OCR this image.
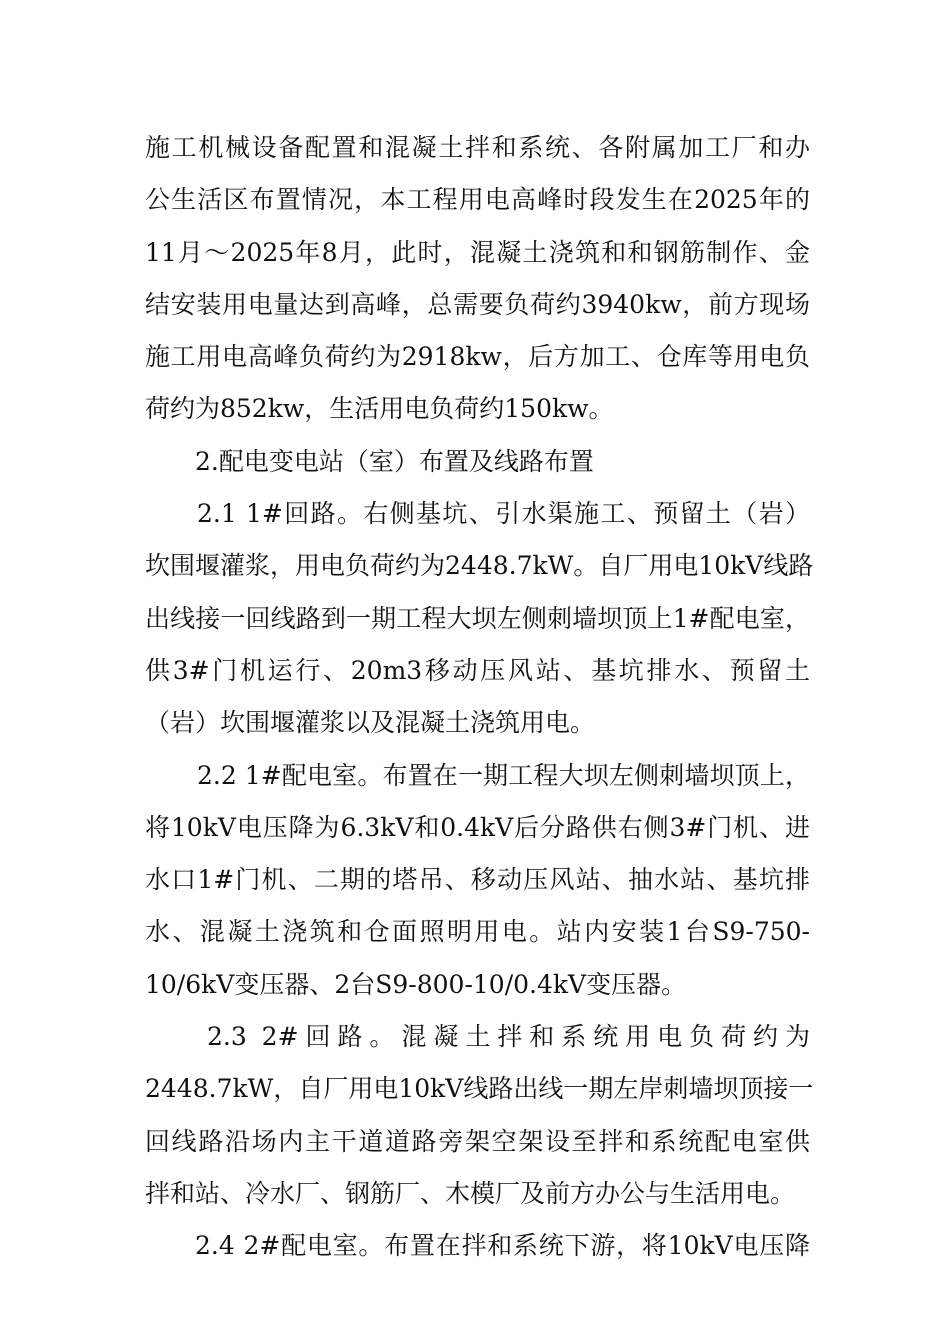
施工机械设备配置和混凝土拌和系统、各附属加工厂和办
公生活区布置情况，本工程用电高峰时段发生在2025年的
11月～2025年8月，此时，混凝土浇筑和和钢筋制作、金
结安装用电量达到高峰，总需要负荷约3940kw，前方现场
施工用电高峰负荷约为2918kw，后方加工、仓库等用电负
荷约为852kw，生活用电负荷约150kw。
2.配电变电站（室）布置及线路布置
2.1 1#回路。右侧基坑、引水渠施工、预留土（岩）
坎围堰灌浆，用电负荷约为2448.7kW。自厂用电10kV线路
出线接一回线路到一期工程大坝左侧刺墙坝顶上1#配电室，
供3#门机运行、20m3移动压风站、基坑排水、预留土
（岩）坎围堰灌浆以及混凝土浇筑用电。
2.2 1#配电室。布置在一期工程大坝左侧刺墙坝顶上，
将10kV电压降为6.3kV和0.4kV后分路供右侧3#门机、进
水口1#门机、二期的塔吊、移动压风站、抽水站、基坑排
水、混凝土浇筑和仓面照明用电。站内安装1台S9-750-
10/6kV变压器、2台S9-800-10/0.4kV变压器。
2.3 2#回路。混凝土拌和系统用电负荷约为
2448.7kW，自厂用电10kV线路出线一期左岸刺墙坝顶接一
回线路沿场内主干道道路旁架空架设至拌和系统配电室供
拌和站、冷水厂、钢筋厂、木模厂及前方办公与生活用电。
2.4 2#配电室。布置在拌和系统下游，将10kV电压降
